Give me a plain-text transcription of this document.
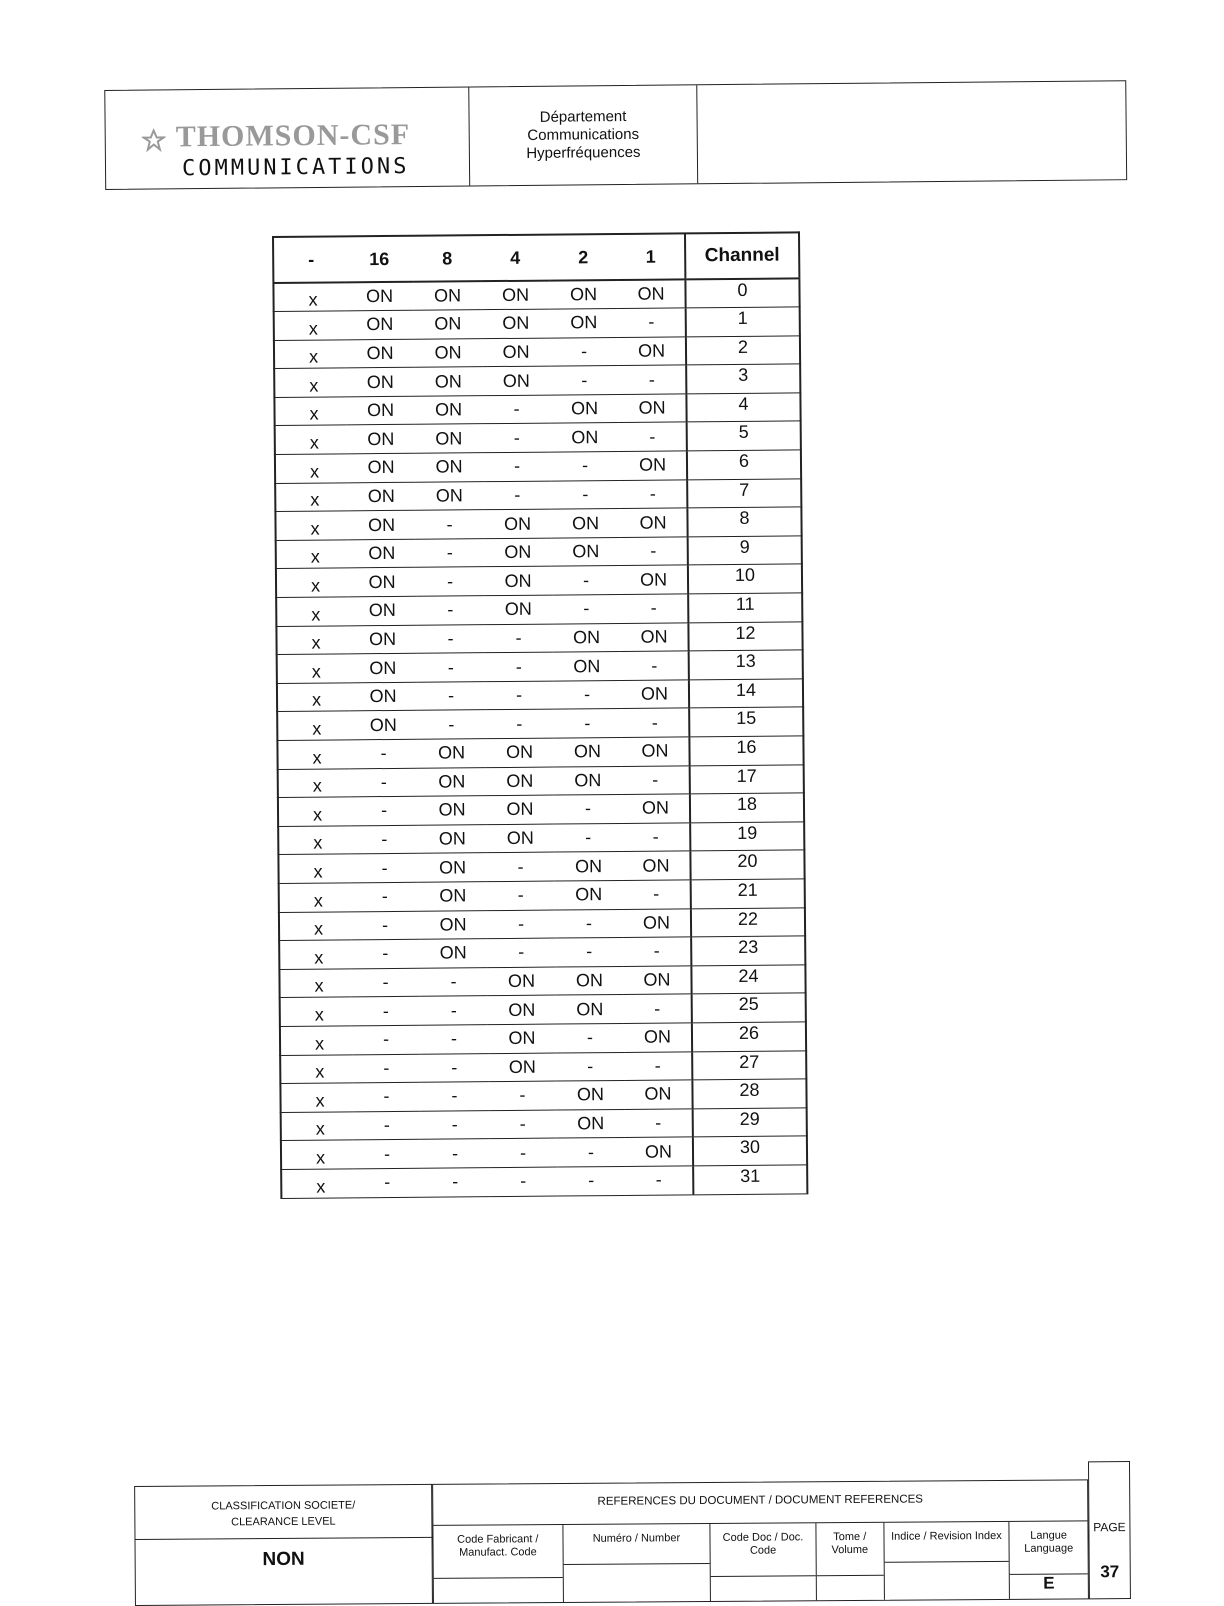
THOMSON-CSF
COMMUNICATIONS
Département
Communications
Hyperfréquences
-	16	8	4	2	1	Channel
x	ON	ON	ON	ON	ON	0
x	ON	ON	ON	ON	-	1
x	ON	ON	ON	-	ON	2
x	ON	ON	ON	-	-	3
x	ON	ON	-	ON	ON	4
x	ON	ON	-	ON	-	5
x	ON	ON	-	-	ON	6
x	ON	ON	-	-	-	7
x	ON	-	ON	ON	ON	8
x	ON	-	ON	ON	-	9
x	ON	-	ON	-	ON	10
x	ON	-	ON	-	-	11
x	ON	-	-	ON	ON	12
x	ON	-	-	ON	-	13
x	ON	-	-	-	ON	14
x	ON	-	-	-	-	15
x	-	ON	ON	ON	ON	16
x	-	ON	ON	ON	-	17
x	-	ON	ON	-	ON	18
x	-	ON	ON	-	-	19
x	-	ON	-	ON	ON	20
x	-	ON	-	ON	-	21
x	-	ON	-	-	ON	22
x	-	ON	-	-	-	23
x	-	-	ON	ON	ON	24
x	-	-	ON	ON	-	25
x	-	-	ON	-	ON	26
x	-	-	ON	-	-	27
x	-	-	-	ON	ON	28
x	-	-	-	ON	-	29
x	-	-	-	-	ON	30
x	-	-	-	-	-	31
CLASSIFICATION SOCIETE/
CLEARANCE LEVEL
NON
REFERENCES DU DOCUMENT / DOCUMENT REFERENCES
Code Fabricant / Manufact. Code
Numéro / Number	Code Doc / Doc. Code
Tome / Volume
Indice / Revision Index	Langue Language
E
PAGE
37
